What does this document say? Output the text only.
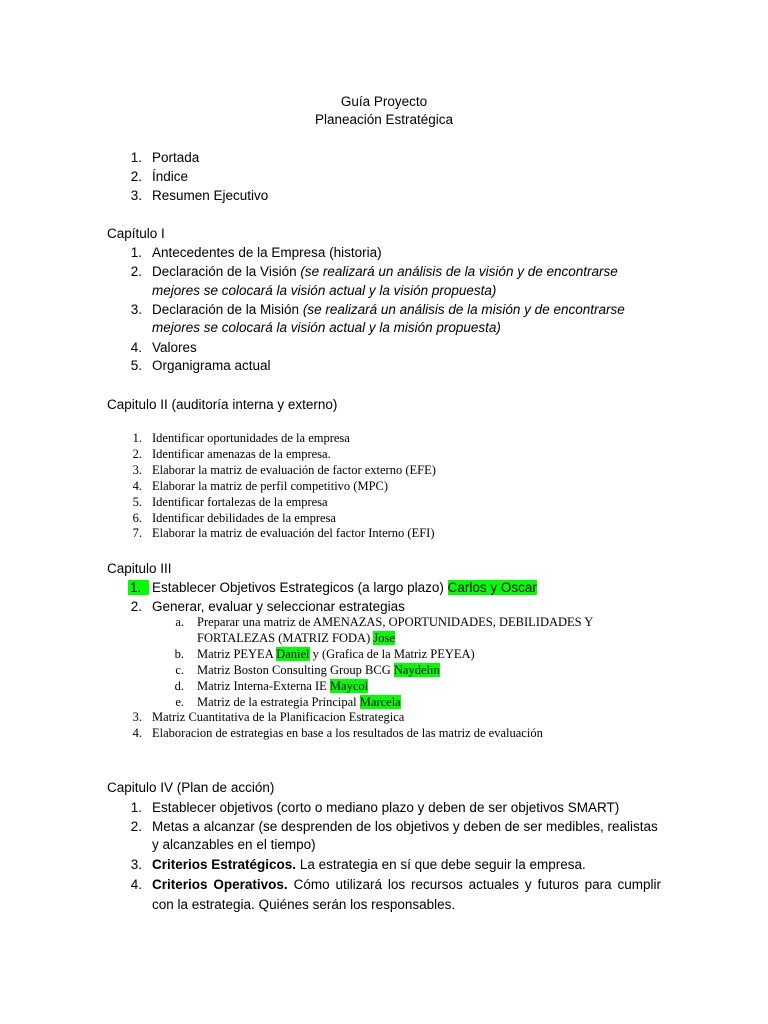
Guía Proyecto
Planeación Estratégica
1. Portada
2. Índice
3. Resumen Ejecutivo
Capítulo I
1. Antecedentes de la Empresa (historia)
2. Declaración de la Visión (se realizará un análisis de la visión y de encontrarse
mejores se colocará la visión actual y la visión propuesta)
3. Declaración de la Misión (se realizará un análisis de la misión y de encontrarse
mejores se colocará la visión actual y la misión propuesta)
4. Valores
5. Organigrama actual
Capitulo II (auditoría interna y externo)
1. Identificar oportunidades de la empresa
2. Identificar amenazas de la empresa.
3. Elaborar la matriz de evaluación de factor externo (EFE)
4. Elaborar la matriz de perfil competitivo (MPC)
5. Identificar fortalezas de la empresa
6. Identificar debilidades de la empresa
7. Elaborar la matriz de evaluación del factor Interno (EFI)
Capitulo III
1. Establecer Objetivos Estrategicos (a largo plazo) Carlos y Oscar
2. Generar, evaluar y seleccionar estrategias
a. Preparar una matriz de AMENAZAS, OPORTUNIDADES, DEBILIDADES Y
FORTALEZAS (MATRIZ FODA) Jose
b. Matriz PEYEA Daniel y (Grafica de la Matriz PEYEA)
c. Matriz Boston Consulting Group BCG Naydelin
d. Matriz Interna-Externa IE Maycol
e. Matriz de la estrategia Principal Marcela
3. Matriz Cuantitativa de la Planificacion Estrategica
4. Elaboracion de estrategias en base a los resultados de las matriz de evaluación
Capitulo IV (Plan de acción)
1. Establecer objetivos (corto o mediano plazo y deben de ser objetivos SMART)
2. Metas a alcanzar (se desprenden de los objetivos y deben de ser medibles, realistas
y alcanzables en el tiempo)
3. Criterios Estratégicos. La estrategia en sí que debe seguir la empresa.
4. Criterios Operativos. Cómo utilizará los recursos actuales y futuros para cumplir con la estrategia. Quiénes serán los responsables.
